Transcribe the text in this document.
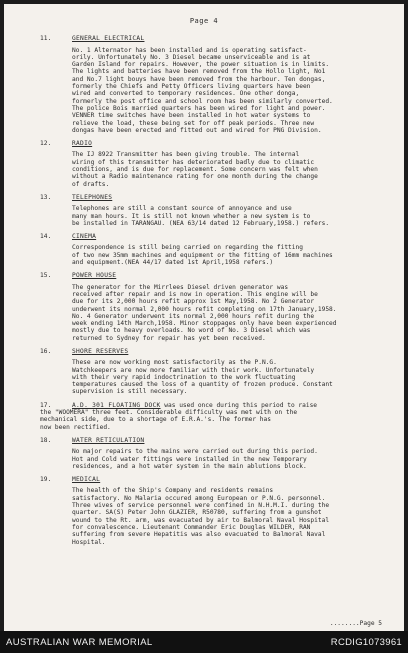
Page 4
11.	GENERAL ELECTRICAL
No. 1 Alternator has been installed and is operating satisfact-
orily. Unfortunately No. 3 Diesel became unserviceable and is at
Garden Island for repairs. However, the power situation is in limits.
The lights and batteries have been removed from the Hollo light, No1
and No.7 light bouys have been removed from the harbour. Ten dongas,
formerly the Chiefs and Petty Officers living quarters have been
wired and converted to temporary residences. One other donga,
formerly the post office and school room has been similarly converted.
The police Bois married quarters has been wired for light and power.
VENNER time switches have been installed in hot water systems to
relieve the load, these being set for off peak periods. Three new
dongas have been erected and fitted out and wired for PNG Division.
12.	RADIO
The IJ 8922 Transmitter has been giving trouble. The internal
wiring of this transmitter has deteriorated badly due to climatic
conditions, and is due for replacement. Some concern was felt when
without a Radio maintenance rating for one month during the change
of drafts.
13.	TELEPHONES
Telephones are still a constant source of annoyance and use
many man hours. It is still not known whether a new system is to
be installed in TARANGAU. (NEA 63/14 dated 12 February,1958.) refers.
14.	CINEMA
Correspondence is still being carried on regarding the fitting
of two new 35mm machines and equipment or the fitting of 16mm machines
and equipment.(NEA 44/17 dated 1st April,1958 refers.)
15.	POWER HOUSE
The generator for the Mirrlees Diesel driven generator was
received after repair and is now in operation. This engine will be
due for its 2,000 hours refit approx 1st May,1958. No 2 Generator
underwent its normal 2,000 hours refit completing on 17th January,1958.
No. 4 Generator underwent its normal 2,000 hours refit during the
week ending 14th March,1958. Minor stoppages only have been experienced
mostly due to heavy overloads. No word of No. 3 Diesel which was
returned to Sydney for repair has yet been received.
16.	SHORE RESERVES
These are now working most satisfactorily as the P.N.G.
Watchkeepers are now more familiar with their work. Unfortunately
with their very rapid indoctrination to the work fluctuating
temperatures caused the loss of a quantity of frozen produce. Constant
supervision is still necessary.
17.	A.D. 301 FLOATING DOCK was used once during this period to raise
the "WOOMERA" three feet. Considerable difficulty was met with on the
mechanical side, due to a shortage of E.R.A.'s. The former has
now been rectified.
18.	WATER RETICULATION
No major repairs to the mains were carried out during this period.
Hot and Cold water fittings were installed in the new Temporary
residences, and a hot water system in the main ablutions block.
19.	MEDICAL
The health of the Ship's Company and residents remains
satisfactory. No Malaria occured among European or P.N.G. personnel.
Three wives of service personnel were confined in N.H.M.I. during the
quarter. SA(S) Peter John GLAZIER, R50780, suffering from a gunshot
wound to the Rt. arm, was evacuated by air to Balmoral Naval Hospital
for convalescence. Lieutenant Commander Eric Douglas WILDER, RAN
suffering from severe Hepatitis was also evacuated to Balmoral Naval
Hospital.
........Page 5
AUSTRALIAN WAR MEMORIAL	RCDIG1073961
